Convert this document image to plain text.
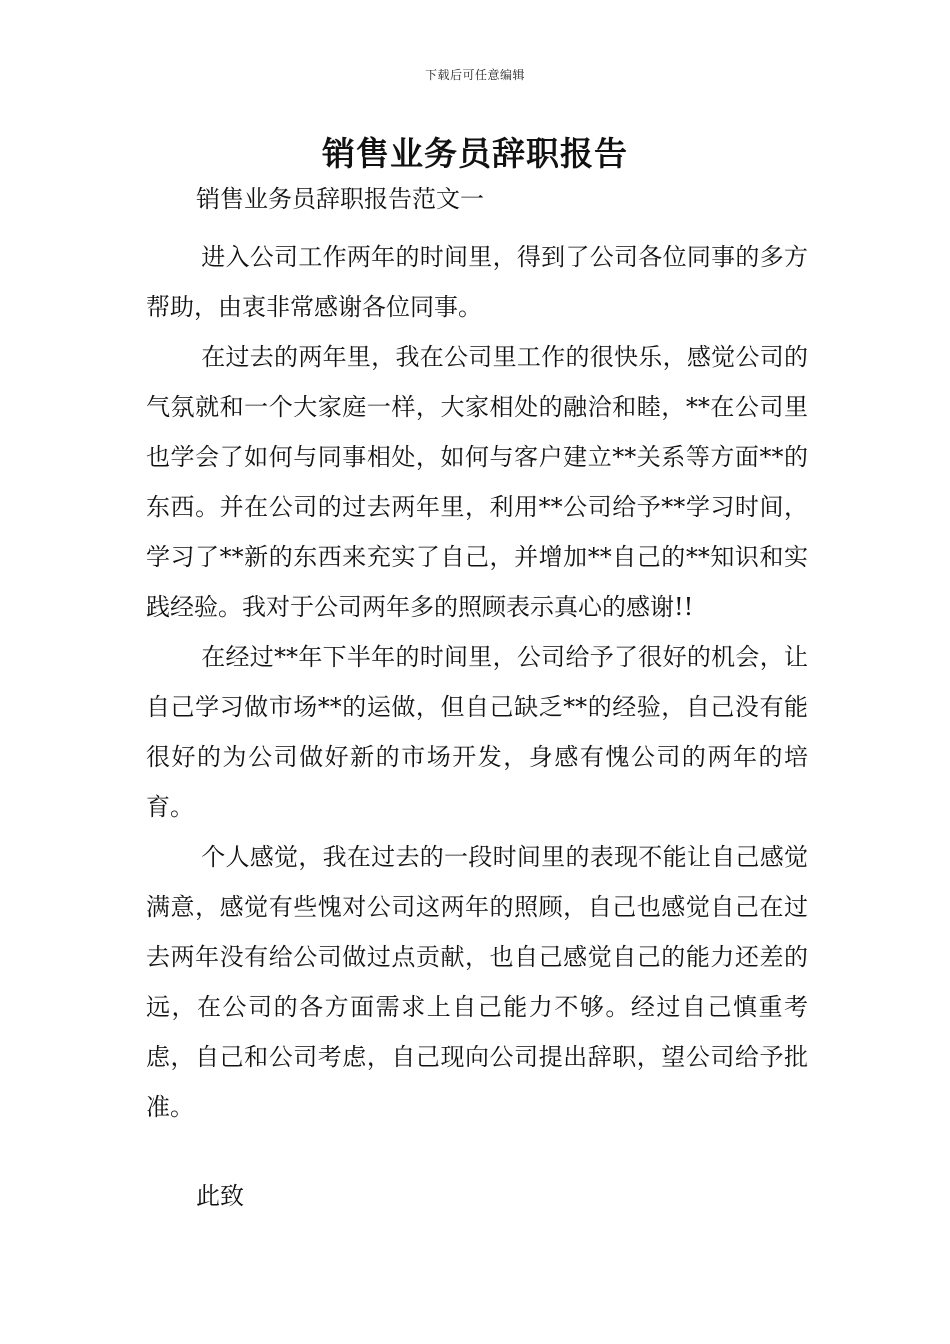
下载后可任意编辑
销售业务员辞职报告
销售业务员辞职报告范文一

进入公司工作两年的时间里，得到了公司各位同事的多方帮助，由衷非常感谢各位同事。

在过去的两年里，我在公司里工作的很快乐，感觉公司的气氛就和一个大家庭一样，大家相处的融洽和睦，**在公司里也学会了如何与同事相处，如何与客户建立**关系等方面**的东西。并在公司的过去两年里，利用**公司给予**学习时间，学习了**新的东西来充实了自己，并增加**自己的**知识和实践经验。我对于公司两年多的照顾表示真心的感谢!!

在经过**年下半年的时间里，公司给予了很好的机会，让自己学习做市场**的运做，但自己缺乏**的经验，自己没有能很好的为公司做好新的市场开发，身感有愧公司的两年的培育。

个人感觉，我在过去的一段时间里的表现不能让自己感觉满意，感觉有些愧对公司这两年的照顾，自己也感觉自己在过去两年没有给公司做过点贡献，也自己感觉自己的能力还差的远，在公司的各方面需求上自己能力不够。经过自己慎重考虑，自己和公司考虑，自己现向公司提出辞职，望公司给予批准。

此致
